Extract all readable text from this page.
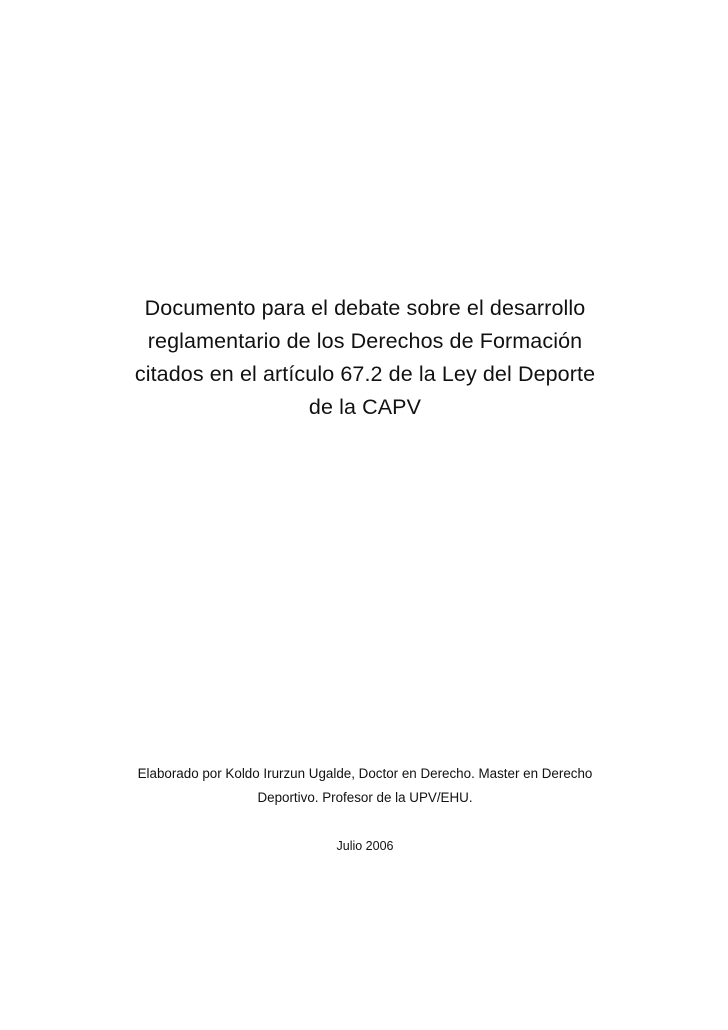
Documento para el debate sobre el desarrollo
reglamentario de los Derechos de Formación
citados en el artículo 67.2 de la Ley del Deporte
de la CAPV
Elaborado por Koldo Irurzun Ugalde, Doctor en Derecho. Master en Derecho
Deportivo. Profesor de la UPV/EHU.
Julio 2006
